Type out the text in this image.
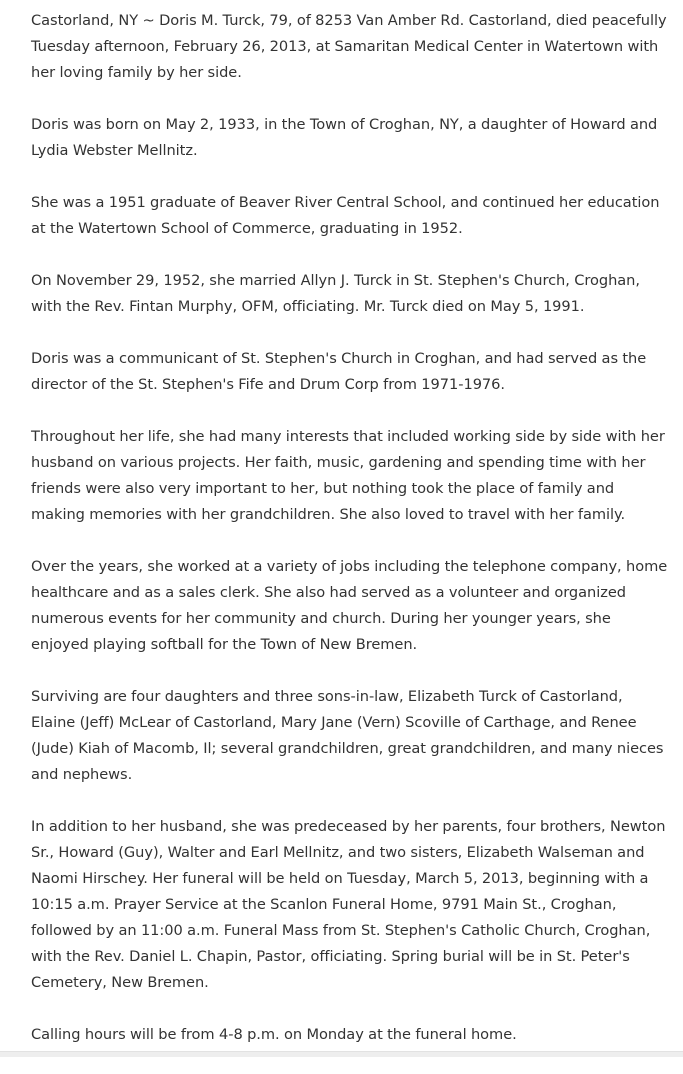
Castorland, NY ~ Doris M. Turck, 79, of 8253 Van Amber Rd. Castorland, died peacefully Tuesday afternoon, February 26, 2013, at Samaritan Medical Center in Watertown with her loving family by her side.

Doris was born on May 2, 1933, in the Town of Croghan, NY, a daughter of Howard and Lydia Webster Mellnitz.

She was a 1951 graduate of Beaver River Central School, and continued her education at the Watertown School of Commerce, graduating in 1952.

On November 29, 1952, she married Allyn J. Turck in St. Stephen's Church, Croghan, with the Rev. Fintan Murphy, OFM, officiating. Mr. Turck died on May 5, 1991.

Doris was a communicant of St. Stephen's Church in Croghan, and had served as the director of the St. Stephen's Fife and Drum Corp from 1971-1976.

Throughout her life, she had many interests that included working side by side with her husband on various projects. Her faith, music, gardening and spending time with her friends were also very important to her, but nothing took the place of family and making memories with her grandchildren. She also loved to travel with her family.

Over the years, she worked at a variety of jobs including the telephone company, home healthcare and as a sales clerk. She also had served as a volunteer and organized numerous events for her community and church. During her younger years, she enjoyed playing softball for the Town of New Bremen.

Surviving are four daughters and three sons-in-law, Elizabeth Turck of Castorland, Elaine (Jeff) McLear of Castorland, Mary Jane (Vern) Scoville of Carthage, and Renee (Jude) Kiah of Macomb, Il; several grandchildren, great grandchildren, and many nieces and nephews.

In addition to her husband, she was predeceased by her parents, four brothers, Newton Sr., Howard (Guy), Walter and Earl Mellnitz, and two sisters, Elizabeth Walseman and Naomi Hirschey. Her funeral will be held on Tuesday, March 5, 2013, beginning with a 10:15 a.m. Prayer Service at the Scanlon Funeral Home, 9791 Main St., Croghan, followed by an 11:00 a.m. Funeral Mass from St. Stephen's Catholic Church, Croghan, with the Rev. Daniel L. Chapin, Pastor, officiating. Spring burial will be in St. Peter's Cemetery, New Bremen.

Calling hours will be from 4-8 p.m. on Monday at the funeral home.
